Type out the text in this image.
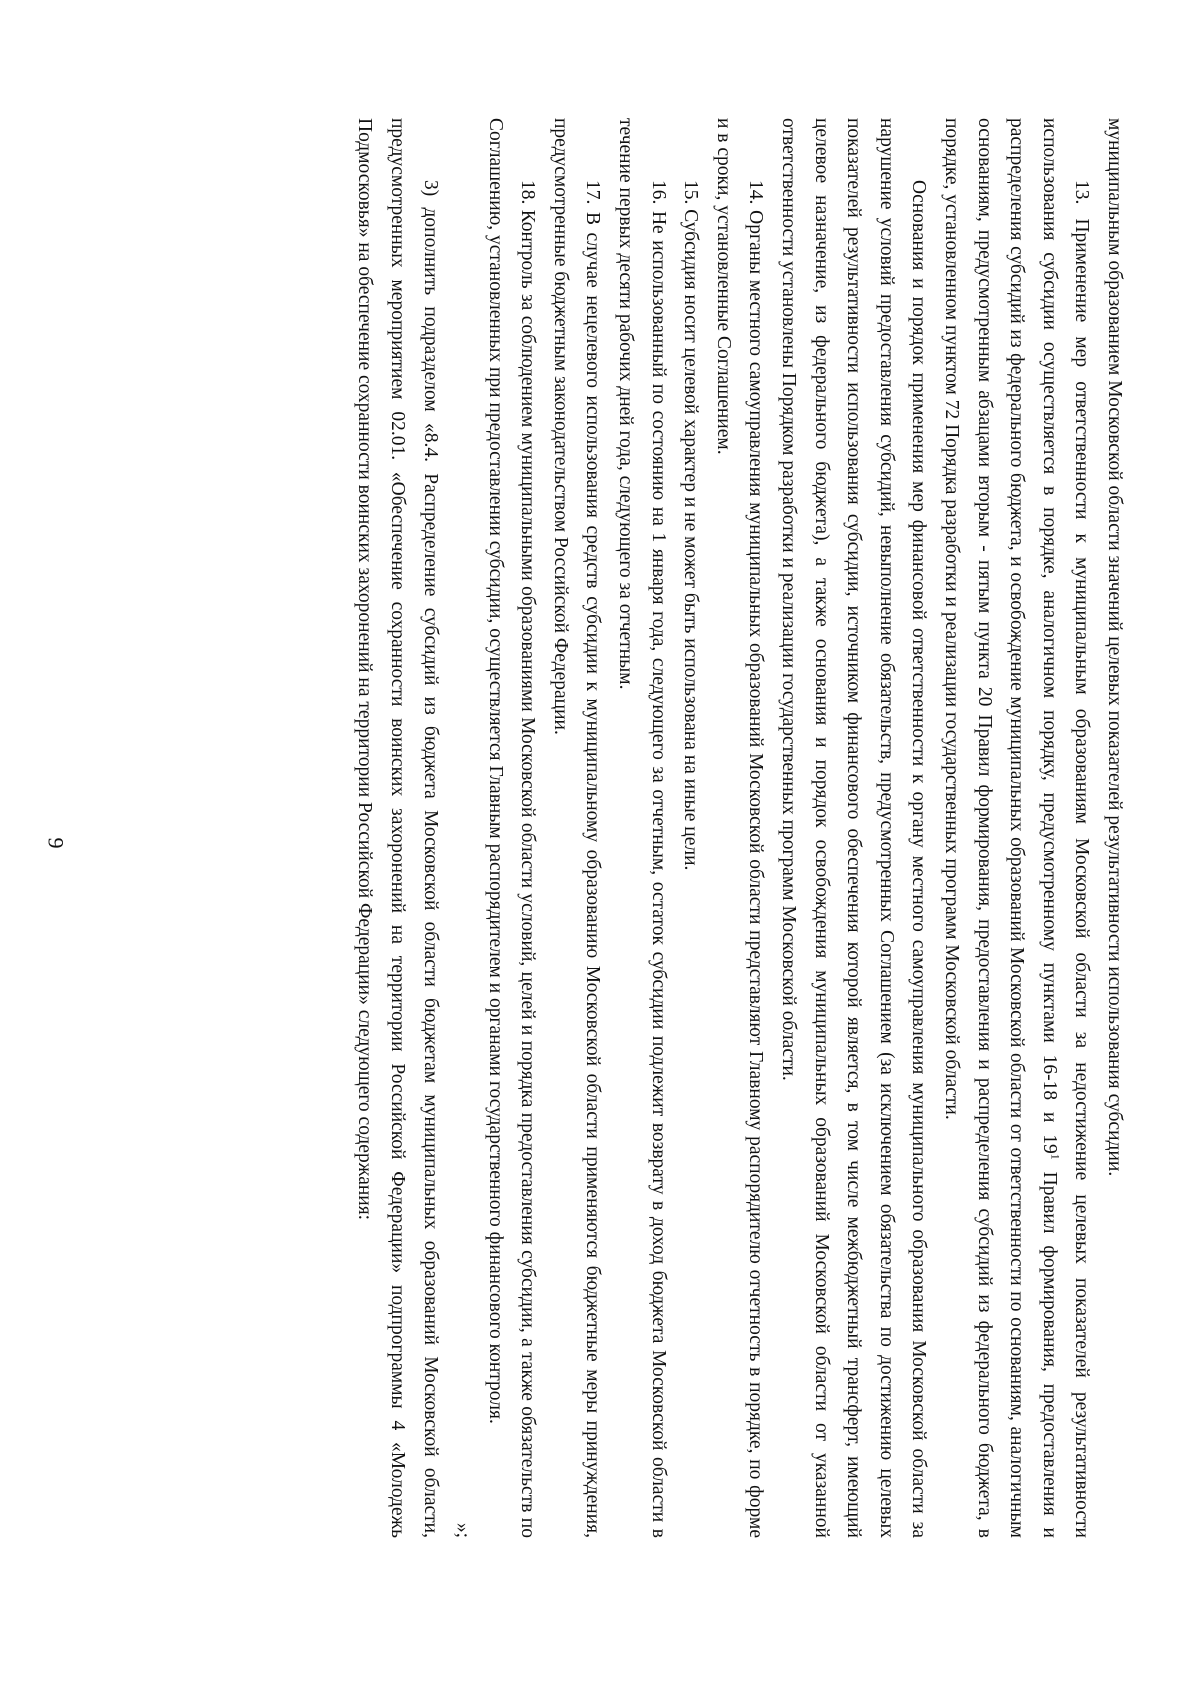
9	муниципальным образованием Московской области значений целевых показателей результативности использования субсидии.

13. Применение мер ответственности к муниципальным образованиям Московской области за недостижение целевых показателей результативности использования субсидии осуществляется в порядке, аналогичном порядку, предусмотренному пунктами 16-18 и $19^1$ Правил формирования, предоставления и распределения субсидий из федерального бюджета, и освобождение муниципальных образований Московской области от ответственности по основаниям, аналогичным основаниям, предусмотренным абзацами вторым - пятым пункта 20 Правил формирования, предоставления и распределения субсидий из федерального бюджета, в порядке, установленном пунктом 72 Порядка разработки и реализации государственных программ Московской области.

Основания и порядок применения мер финансовой ответственности к органу местного самоуправления муниципального образования Московской области за нарушение условий предоставления субсидий, невыполнение обязательств, предусмотренных Соглашением (за исключением обязательства по достижению целевых показателей результативности использования субсидии, источником финансового обеспечения которой является, в том числе межбюджетный трансферт, имеющий целевое назначение, из федерального бюджета), а также основания и порядок освобождения муниципальных образований Московской области от указанной ответственности установлены Порядком разработки и реализации государственных программ Московской области.

14. Органы местного самоуправления муниципальных образований Московской области представляют Главному распорядителю отчетность в порядке, по форме и в сроки, установленные Соглашением.

15. Субсидия носит целевой характер и не может быть использована на иные цели.

16. Не использованный по состоянию на 1 января года, следующего за отчетным, остаток субсидии подлежит возврату в доход бюджета Московской области в течение первых десяти рабочих дней года, следующего за отчетным.

17. В случае нецелевого использования средств субсидии к муниципальному образованию Московской области применяются бюджетные меры принуждения, предусмотренные бюджетным законодательством Российской Федерации.

18. Контроль за соблюдением муниципальными образованиями Московской области условий, целей и порядка предоставления субсидии, а также обязательств по Соглашению, установленных при предоставлении субсидии, осуществляется Главным распорядителем и органами государственного финансового контроля.

»;

3) дополнить подразделом «8.4. Распределение субсидий из бюджета Московской области бюджетам муниципальных образований Московской области, предусмотренных мероприятием 02.01. «Обеспечение сохранности воинских захоронений на территории Российской Федерации» подпрограммы 4 «Молодежь Подмосковья» на обеспечение сохранности воинских захоронений на территории Российской Федерации» следующего содержания:
